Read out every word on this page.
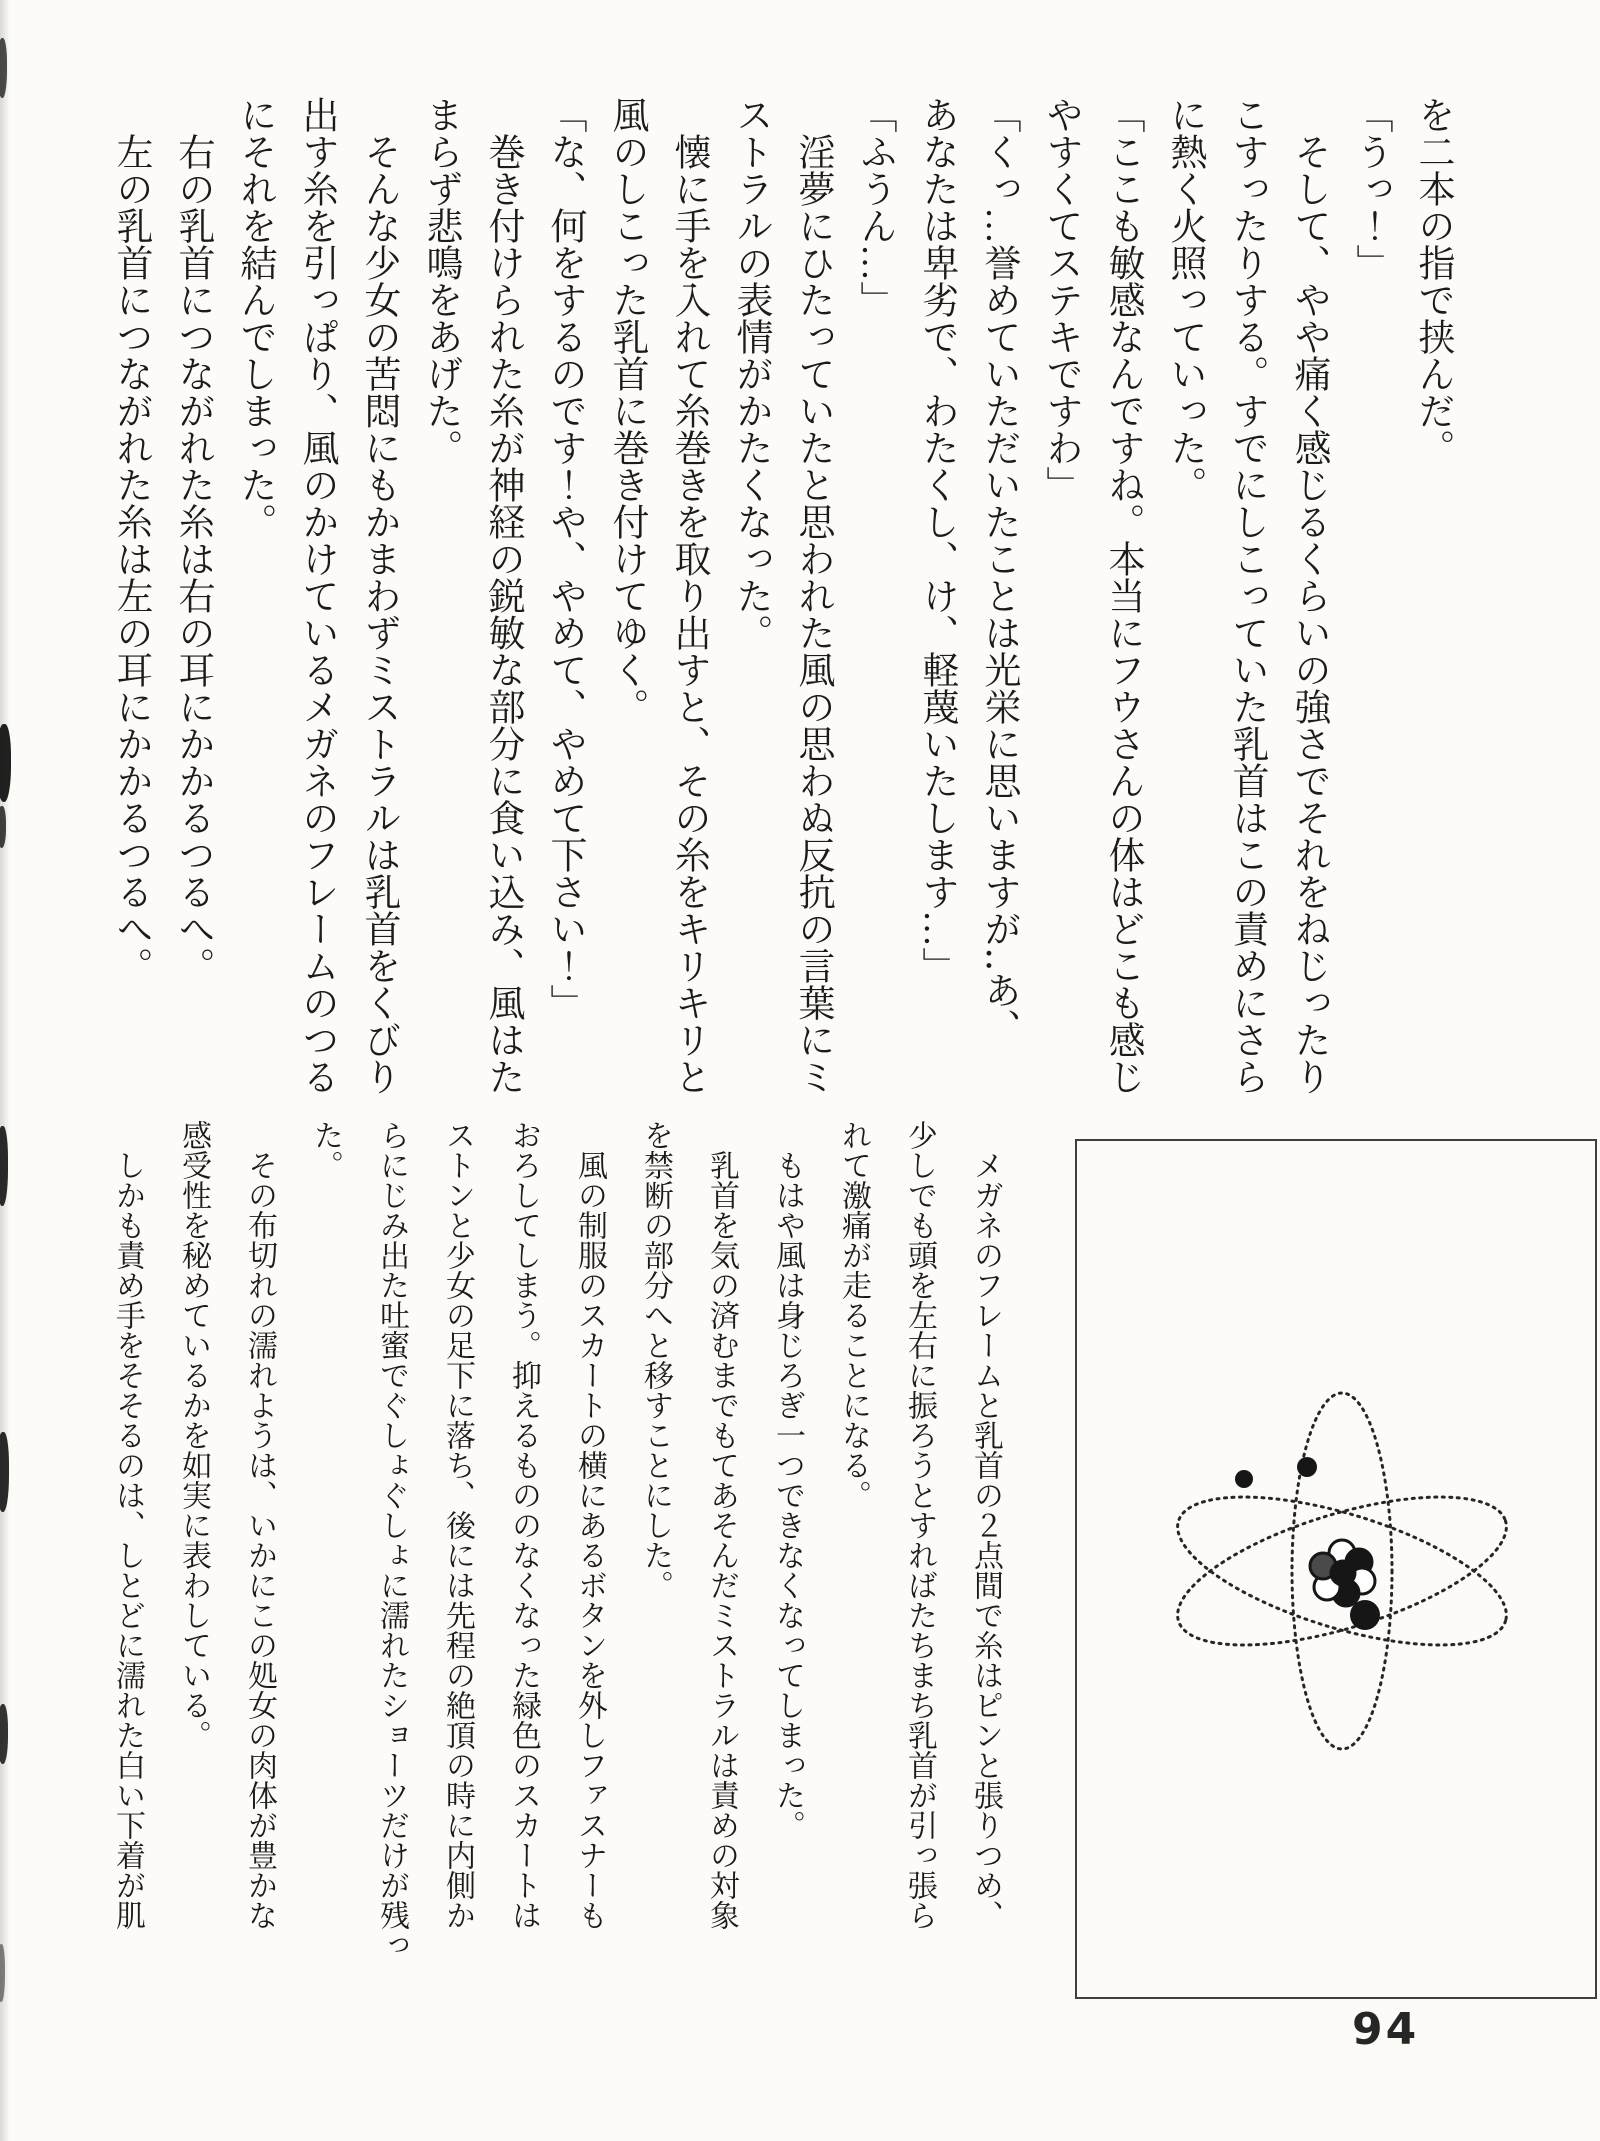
を二本の指で挟んだ。

「うっ！」

　そして、やや痛く感じるくらいの強さでそれをねじったり

こすったりする。すでにしこっていた乳首はこの責めにさら

に熱く火照っていった。

「ここも敏感なんですね。本当にフウさんの体はどこも感じ

やすくてステキですわ」

「くっ…誉めていただいたことは光栄に思いますが‥あ、

あなたは卑劣で、わたくし、け、軽蔑いたします…」

「ふうん…」

　淫夢にひたっていたと思われた風の思わぬ反抗の言葉にミ

ストラルの表情がかたくなった。

　懐に手を入れて糸巻きを取り出すと、その糸をキリキリと

風のしこった乳首に巻き付けてゆく。

「な、何をするのです！や、やめて、やめて下さい！」

　巻き付けられた糸が神経の鋭敏な部分に食い込み、風はた

まらず悲鳴をあげた。

　そんな少女の苦悶にもかまわずミストラルは乳首をくびり

出す糸を引っぱり、風のかけているメガネのフレームのつる

にそれを結んでしまった。

　右の乳首につながれた糸は右の耳にかかるつるへ。

　左の乳首につながれた糸は左の耳にかかるつるへ。

　メガネのフレームと乳首の２点間で糸はピンと張りつめ、

少しでも頭を左右に振ろうとすればたちまち乳首が引っ張ら

れて激痛が走ることになる。

　もはや風は身じろぎ一つできなくなってしまった。

　乳首を気の済むまでもてあそんだミストラルは責めの対象

を禁断の部分へと移すことにした。

　風の制服のスカートの横にあるボタンを外しファスナーも

おろしてしまう。抑えるもののなくなった緑色のスカートは

ストンと少女の足下に落ち、後には先程の絶頂の時に内側か

らにじみ出た吐蜜でぐしょぐしょに濡れたショーツだけが残っ

た。

　その布切れの濡れようは、いかにこの処女の肉体が豊かな

感受性を秘めているかを如実に表わしている。

　しかも責め手をそそるのは、しとどに濡れた白い下着が肌

94
